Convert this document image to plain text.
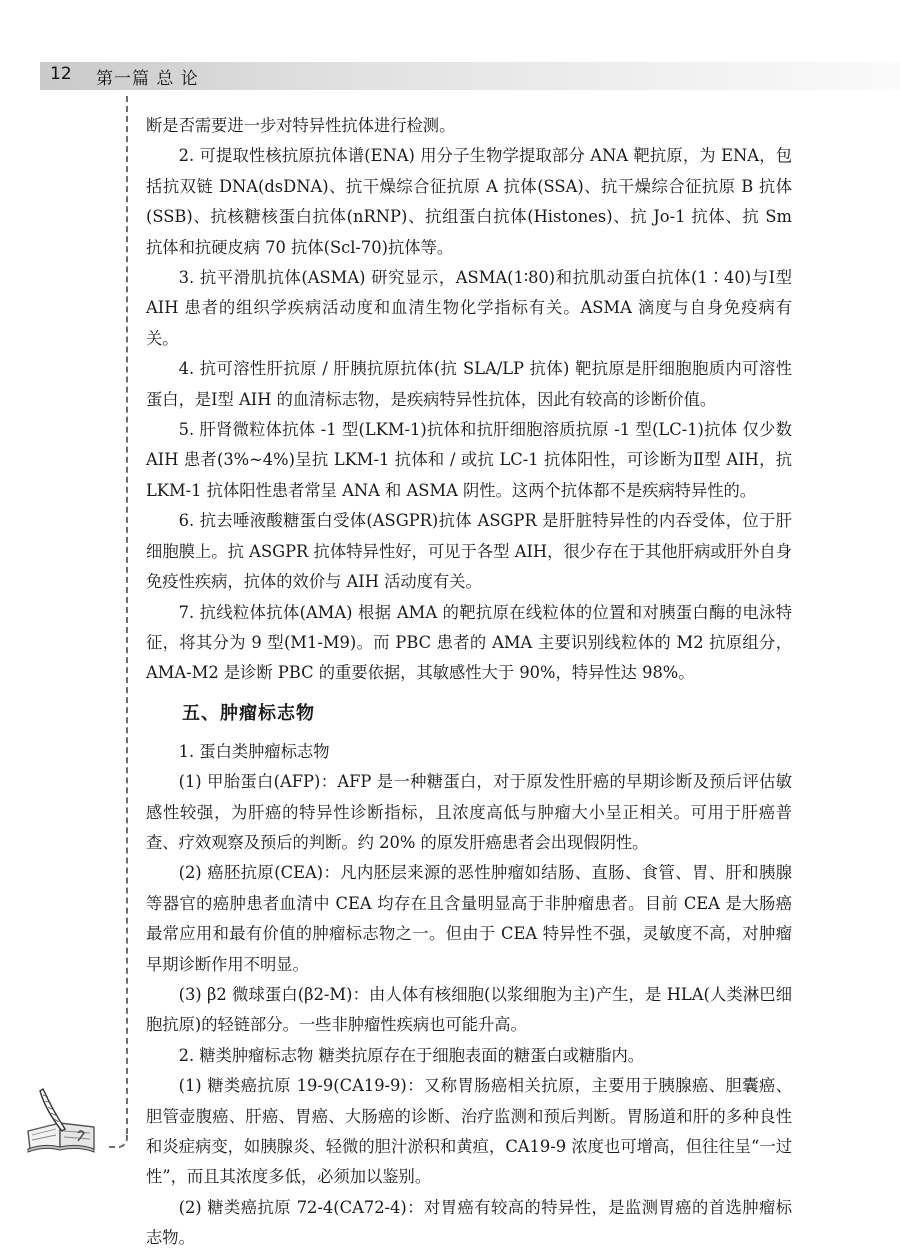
12 第一篇 总 论

断是否需要进一步对特异性抗体进行检测。

2. 可提取性核抗原抗体谱(ENA) 用分子生物学提取部分 ANA 靶抗原，为 ENA，包括抗双链 DNA(dsDNA)、抗干燥综合征抗原 A 抗体(SSA)、抗干燥综合征抗原 B 抗体(SSB)、抗核糖核蛋白抗体(nRNP)、抗组蛋白抗体(Histones)、抗 Jo-1 抗体、抗 Sm 抗体和抗硬皮病 70 抗体(Scl-70)抗体等。

3. 抗平滑肌抗体(ASMA) 研究显示，ASMA(1∶80)和抗肌动蛋白抗体(1∶40)与Ⅰ型 AIH 患者的组织学疾病活动度和血清生物化学指标有关。ASMA 滴度与自身免疫病有关。

4. 抗可溶性肝抗原 / 肝胰抗原抗体(抗 SLA/LP 抗体) 靶抗原是肝细胞胞质内可溶性蛋白，是Ⅰ型 AIH 的血清标志物，是疾病特异性抗体，因此有较高的诊断价值。

5. 肝肾微粒体抗体 -1 型(LKM-1)抗体和抗肝细胞溶质抗原 -1 型(LC-1)抗体 仅少数 AIH 患者(3%~4%)呈抗 LKM-1 抗体和 / 或抗 LC-1 抗体阳性，可诊断为Ⅱ型 AIH，抗 LKM-1 抗体阳性患者常呈 ANA 和 ASMA 阴性。这两个抗体都不是疾病特异性的。

6. 抗去唾液酸糖蛋白受体(ASGPR)抗体 ASGPR 是肝脏特异性的内吞受体，位于肝细胞膜上。抗 ASGPR 抗体特异性好，可见于各型 AIH，很少存在于其他肝病或肝外自身免疫性疾病，抗体的效价与 AIH 活动度有关。

7. 抗线粒体抗体(AMA) 根据 AMA 的靶抗原在线粒体的位置和对胰蛋白酶的电泳特征，将其分为 9 型(M1-M9)。而 PBC 患者的 AMA 主要识别线粒体的 M2 抗原组分，AMA-M2 是诊断 PBC 的重要依据，其敏感性大于 90%，特异性达 98%。

五、肿瘤标志物

1. 蛋白类肿瘤标志物

(1) 甲胎蛋白(AFP)：AFP 是一种糖蛋白，对于原发性肝癌的早期诊断及预后评估敏感性较强，为肝癌的特异性诊断指标，且浓度高低与肿瘤大小呈正相关。可用于肝癌普查、疗效观察及预后的判断。约 20% 的原发肝癌患者会出现假阴性。

(2) 癌胚抗原(CEA)：凡内胚层来源的恶性肿瘤如结肠、直肠、食管、胃、肝和胰腺等器官的癌肿患者血清中 CEA 均存在且含量明显高于非肿瘤患者。目前 CEA 是大肠癌最常应用和最有价值的肿瘤标志物之一。但由于 CEA 特异性不强，灵敏度不高，对肿瘤早期诊断作用不明显。

(3) β2 微球蛋白(β2-M)：由人体有核细胞(以浆细胞为主)产生，是 HLA(人类淋巴细胞抗原)的轻链部分。一些非肿瘤性疾病也可能升高。

2. 糖类肿瘤标志物 糖类抗原存在于细胞表面的糖蛋白或糖脂内。

(1) 糖类癌抗原 19-9(CA19-9)：又称胃肠癌相关抗原，主要用于胰腺癌、胆囊癌、胆管壶腹癌、肝癌、胃癌、大肠癌的诊断、治疗监测和预后判断。胃肠道和肝的多种良性和炎症病变，如胰腺炎、轻微的胆汁淤积和黄疸，CA19-9 浓度也可增高，但往往呈“一过性”，而且其浓度多低，必须加以鉴别。

(2) 糖类癌抗原 72-4(CA72-4)：对胃癌有较高的特异性，是监测胃癌的首选肿瘤标志物。
